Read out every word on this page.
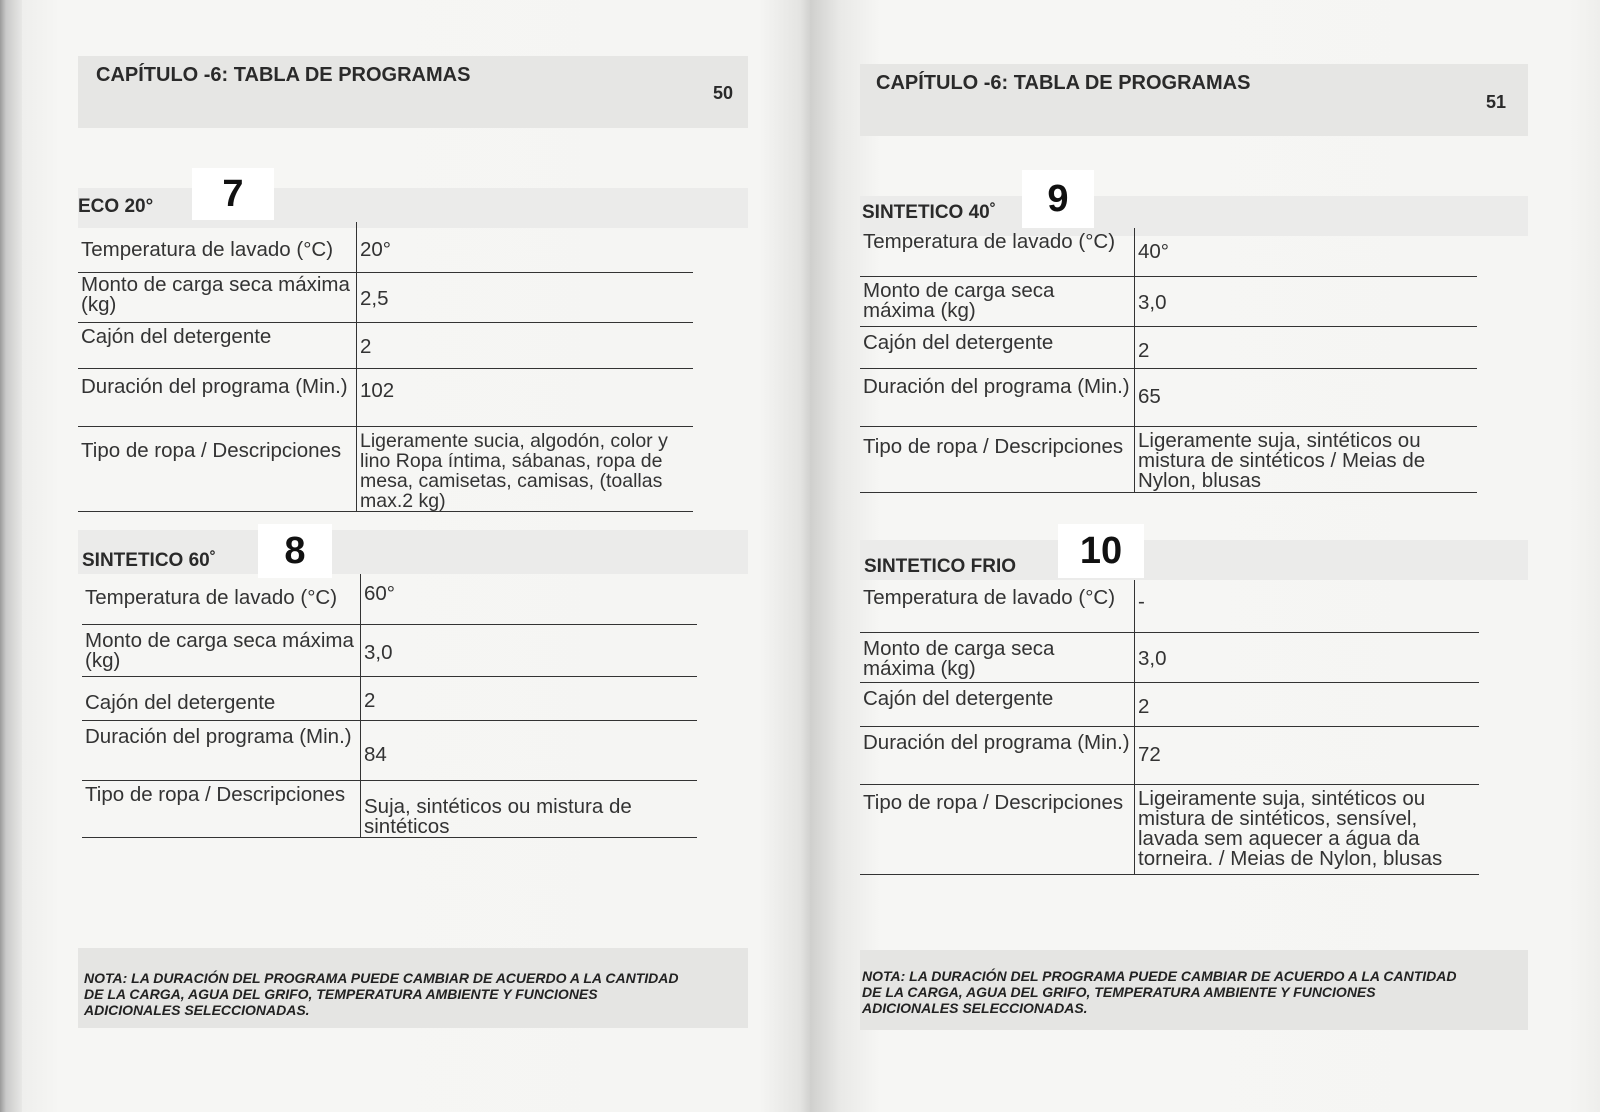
CAPÍTULO -6: TABLA DE PROGRAMAS
50
ECO 20°	7
Temperatura de lavado (°C)	20°
Monto de carga seca máxima (kg)	2,5
Cajón del detergente	2
Duración del programa (Min.)	102
Tipo de ropa / Descripciones	Ligeramente sucia, algodón, color y lino Ropa íntima, sábanas, ropa de mesa, camisetas, camisas, (toallas max.2 kg)
SINTETICO 60˚	8
Temperatura de lavado (°C)	60°
Monto de carga seca máxima (kg)	3,0
Cajón del detergente	2
Duración del programa (Min.)	84
Tipo de ropa / Descripciones	Suja, sintéticos ou mistura de sintéticos
NOTA: LA DURACIÓN DEL PROGRAMA PUEDE CAMBIAR DE ACUERDO A LA CANTIDAD DE LA CARGA, AGUA DEL GRIFO, TEMPERATURA AMBIENTE Y FUNCIONES ADICIONALES SELECCIONADAS.
CAPÍTULO -6: TABLA DE PROGRAMAS
51
SINTETICO 40˚	9
Temperatura de lavado (°C)	40°
Monto de carga seca máxima (kg)	3,0
Cajón del detergente	2
Duración del programa (Min.)	65
Tipo de ropa / Descripciones	Ligeramente suja, sintéticos ou mistura de sintéticos / Meias de Nylon, blusas
SINTETICO FRIO	10
Temperatura de lavado (°C)	-
Monto de carga seca máxima (kg)	3,0
Cajón del detergente	2
Duración del programa (Min.)	72
Tipo de ropa / Descripciones	Ligeiramente suja, sintéticos ou mistura de sintéticos, sensível, lavada sem aquecer a água da torneira. / Meias de Nylon, blusas
NOTA: LA DURACIÓN DEL PROGRAMA PUEDE CAMBIAR DE ACUERDO A LA CANTIDAD DE LA CARGA, AGUA DEL GRIFO, TEMPERATURA AMBIENTE Y FUNCIONES ADICIONALES SELECCIONADAS.
